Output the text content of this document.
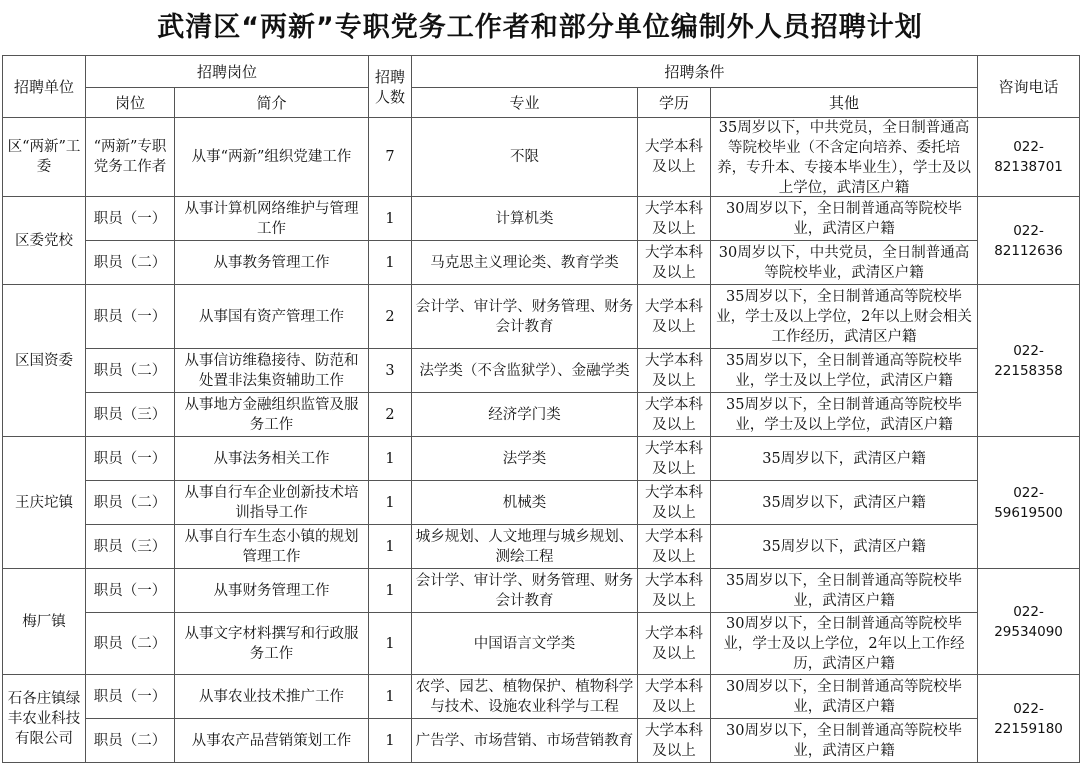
武清区“两新”专职党务工作者和部分单位编制外人员招聘计划
招聘单位	招聘岗位		招聘人数	招聘条件			咨询电话
	岗位	简介		专业	学历	其他	
区“两新”工委	“两新”专职党务工作者	从事“两新”组织党建工作	7	不限	大学本科及以上	35周岁以下，中共党员，全日制普通高等院校毕业（不含定向培养、委托培养，专升本、专接本毕业生），学士及以上学位，武清区户籍	022-82138701
区委党校	职员（一）	从事计算机网络维护与管理工作	1	计算机类	大学本科及以上	30周岁以下，全日制普通高等院校毕业，武清区户籍	022-82112636
	职员（二）	从事教务管理工作	1	马克思主义理论类、教育学类	大学本科及以上	30周岁以下，中共党员，全日制普通高等院校毕业，武清区户籍	
区国资委	职员（一）	从事国有资产管理工作	2	会计学、审计学、财务管理、财务会计教育	大学本科及以上	35周岁以下，全日制普通高等院校毕业，学士及以上学位，2年以上财会相关工作经历，武清区户籍	022-22158358
	职员（二）	从事信访维稳接待、防范和处置非法集资辅助工作	3	法学类（不含监狱学）、金融学类	大学本科及以上	35周岁以下，全日制普通高等院校毕业，学士及以上学位，武清区户籍	
	职员（三）	从事地方金融组织监管及服务工作	2	经济学门类	大学本科及以上	35周岁以下，全日制普通高等院校毕业，学士及以上学位，武清区户籍	
王庆坨镇	职员（一）	从事法务相关工作	1	法学类	大学本科及以上	35周岁以下，武清区户籍	022-59619500
	职员（二）	从事自行车企业创新技术培训指导工作	1	机械类	大学本科及以上	35周岁以下，武清区户籍	
	职员（三）	从事自行车生态小镇的规划管理工作	1	城乡规划、人文地理与城乡规划、测绘工程	大学本科及以上	35周岁以下，武清区户籍	
梅厂镇	职员（一）	从事财务管理工作	1	会计学、审计学、财务管理、财务会计教育	大学本科及以上	35周岁以下，全日制普通高等院校毕业，武清区户籍	022-29534090
	职员（二）	从事文字材料撰写和行政服务工作	1	中国语言文学类	大学本科及以上	30周岁以下，全日制普通高等院校毕业，学士及以上学位，2年以上工作经历，武清区户籍	
石各庄镇绿丰农业科技有限公司	职员（一）	从事农业技术推广工作	1	农学、园艺、植物保护、植物科学与技术、设施农业科学与工程	大学本科及以上	30周岁以下，全日制普通高等院校毕业，武清区户籍	022-22159180
	职员（二）	从事农产品营销策划工作	1	广告学、市场营销、市场营销教育	大学本科及以上	30周岁以下，全日制普通高等院校毕业，武清区户籍	
